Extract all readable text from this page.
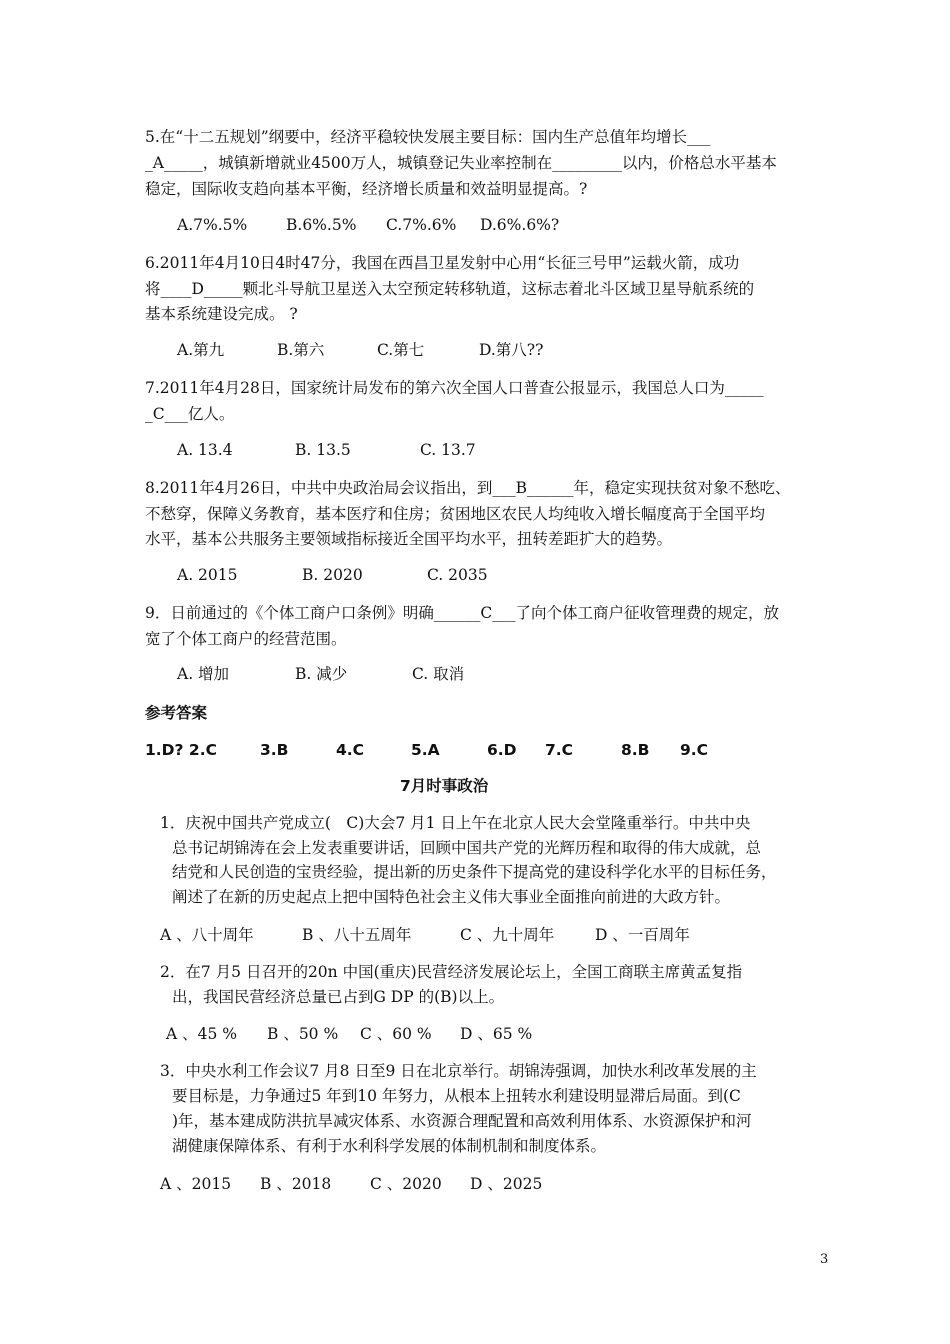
5.在“十二五规划”纲要中，经济平稳较快发展主要目标：国内生产总值年均增长___
_A_____，城镇新增就业4500万人，城镇登记失业率控制在_________以内，价格总水平基本
稳定，国际收支趋向基本平衡，经济增长质量和效益明显提高。?
A.7%.5%	B.6%.5% C.7%.6% D.6%.6%?
6.2011年4月10日4时47分，我国在西昌卫星发射中心用“长征三号甲”运载火箭，成功
将____D_____颗北斗导航卫星送入太空预定转移轨道，这标志着北斗区域卫星导航系统的
基本系统建设完成。 ?
A.第九	B.第六	C.第七	D.第八??
7.2011年4月28日，国家统计局发布的第六次全国人口普查公报显示，我国总人口为_____
_C___亿人。
A. 13.4	B. 13.5	C. 13.7
8.2011年4月26日，中共中央政治局会议指出，到___B______年，稳定实现扶贫对象不愁吃、
不愁穿，保障义务教育，基本医疗和住房；贫困地区农民人均纯收入增长幅度高于全国平均
水平，基本公共服务主要领域指标接近全国平均水平，扭转差距扩大的趋势。
A. 2015	B. 2020	C. 2035
9．日前通过的《个体工商户口条例》明确______C___了向个体工商户征收管理费的规定，放
宽了个体工商户的经营范围。
A. 增加	B. 减少	C. 取消
参考答案
1.D? 2.C	3.B	4.C	5.A	6.D 7.C	8.B 9.C
7月时事政治
1．庆祝中国共产党成立(　C)大会7 月1 日上午在北京人民大会堂隆重举行。中共中央
总书记胡锦涛在会上发表重要讲话，回顾中国共产党的光辉历程和取得的伟大成就，总
结党和人民创造的宝贵经验，提出新的历史条件下提高党的建设科学化水平的目标任务，
阐述了在新的历史起点上把中国特色社会主义伟大事业全面推向前进的大政方针。
A 、八十周年	B 、八十五周年	C 、九十周年	D 、一百周年
2．在7 月5 日召开的20n 中国(重庆)民营经济发展论坛上，全国工商联主席黄孟复指
出，我国民营经济总量已占到G DP 的(B)以上。
A 、45 % B 、50 % C 、60 % D 、65 %
3．中央水利工作会议7 月8 日至9 日在北京举行。胡锦涛强调，加快水利改革发展的主
要目标是，力争通过5 年到10 年努力，从根本上扭转水利建设明显滞后局面。到(C
)年，基本建成防洪抗旱减灾体系、水资源合理配置和高效利用体系、水资源保护和河
湖健康保障体系、有利于水利科学发展的体制机制和制度体系。
A 、2015 B 、2018 C 、2020 D 、2025
3
